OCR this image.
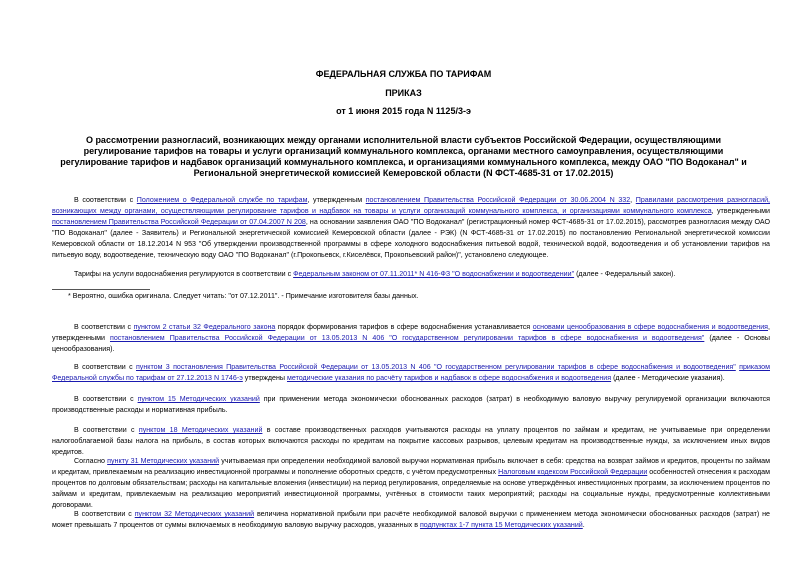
ФЕДЕРАЛЬНАЯ СЛУЖБА ПО ТАРИФАМ
ПРИКАЗ
от 1 июня 2015 года N 1125/3-э
О рассмотрении разногласий, возникающих между органами исполнительной власти субъектов Российской Федерации, осуществляющими регулирование тарифов на товары и услуги организаций коммунального комплекса, органами местного самоуправления, осуществляющими регулирование тарифов и надбавок организаций коммунального комплекса, и организациями коммунального комплекса, между ОАО "ПО Водоканал" и Региональной энергетической комиссией Кемеровской области (N ФСТ-4685-31 от 17.02.2015)
В соответствии с Положением о Федеральной службе по тарифам, утвержденным постановлением Правительства Российской Федерации от 30.06.2004 N 332, Правилами рассмотрения разногласий, возникающих между органами, осуществляющими регулирование тарифов и надбавок на товары и услуги организаций коммунального комплекса, и организациями коммунального комплекса, утвержденными постановлением Правительства Российской Федерации от 07.04.2007 N 208, на основании заявления ОАО "ПО Водоканал" (регистрационный номер ФСТ-4685-31 от 17.02.2015), рассмотрев разногласия между ОАО "ПО Водоканал" (далее - Заявитель) и Региональной энергетической комиссией Кемеровской области (далее - РЭК) (N ФСТ-4685-31 от 17.02.2015) по постановлению Региональной энергетической комиссии Кемеровской области от 18.12.2014 N 953 "Об утверждении производственной программы в сфере холодного водоснабжения питьевой водой, технической водой, водоотведения и об установлении тарифов на питьевую воду, водоотведение, техническую воду ОАО "ПО Водоканал" (г.Прокопьевск, г.Киселёвск, Прокопьевский район)", установлено следующее.
Тарифы на услуги водоснабжения регулируются в соответствии с Федеральным законом от 07.11.2011* N 416-ФЗ "О водоснабжении и водоотведении" (далее - Федеральный закон).
* Вероятно, ошибка оригинала. Следует читать: "от 07.12.2011". - Примечание изготовителя базы данных.
В соответствии с пунктом 2 статьи 32 Федерального закона порядок формирования тарифов в сфере водоснабжения устанавливается основами ценообразования в сфере водоснабжения и водоотведения, утвержденными постановлением Правительства Российской Федерации от 13.05.2013 N 406 "О государственном регулировании тарифов в сфере водоснабжения и водоотведения" (далее - Основы ценообразования).
В соответствии с пунктом 3 постановления Правительства Российской Федерации от 13.05.2013 N 406 "О государственном регулировании тарифов в сфере водоснабжения и водоотведения" приказом Федеральной службы по тарифам от 27.12.2013 N 1746-э утверждены методические указания по расчёту тарифов и надбавок в сфере водоснабжения и водоотведения (далее - Методические указания).
В соответствии с пунктом 15 Методических указаний при применении метода экономически обоснованных расходов (затрат) в необходимую валовую выручку регулируемой организации включаются производственные расходы и нормативная прибыль.
В соответствии с пунктом 18 Методических указаний в составе производственных расходов учитываются расходы на уплату процентов по займам и кредитам, не учитываемые при определении налогооблагаемой базы налога на прибыль, в состав которых включаются расходы по кредитам на покрытие кассовых разрывов, целевым кредитам на производственные нужды, за исключением иных видов кредитов.
Согласно пункту 31 Методических указаний учитываемая при определении необходимой валовой выручки нормативная прибыль включает в себя: средства на возврат займов и кредитов, проценты по займам и кредитам, привлекаемым на реализацию инвестиционной программы и пополнение оборотных средств, с учётом предусмотренных Налоговым кодексом Российской Федерации особенностей отнесения к расходам процентов по долговым обязательствам; расходы на капитальные вложения (инвестиции) на период регулирования, определяемые на основе утверждённых инвестиционных программ, за исключением процентов по займам и кредитам, привлекаемым на реализацию мероприятий инвестиционной программы, учтённых в стоимости таких мероприятий; расходы на социальные нужды, предусмотренные коллективными договорами.
В соответствии с пунктом 32 Методических указаний величина нормативной прибыли при расчёте необходимой валовой выручки с применением метода экономически обоснованных расходов (затрат) не может превышать 7 процентов от суммы включаемых в необходимую валовую выручку расходов, указанных в подпунктах 1-7 пункта 15 Методических указаний.
